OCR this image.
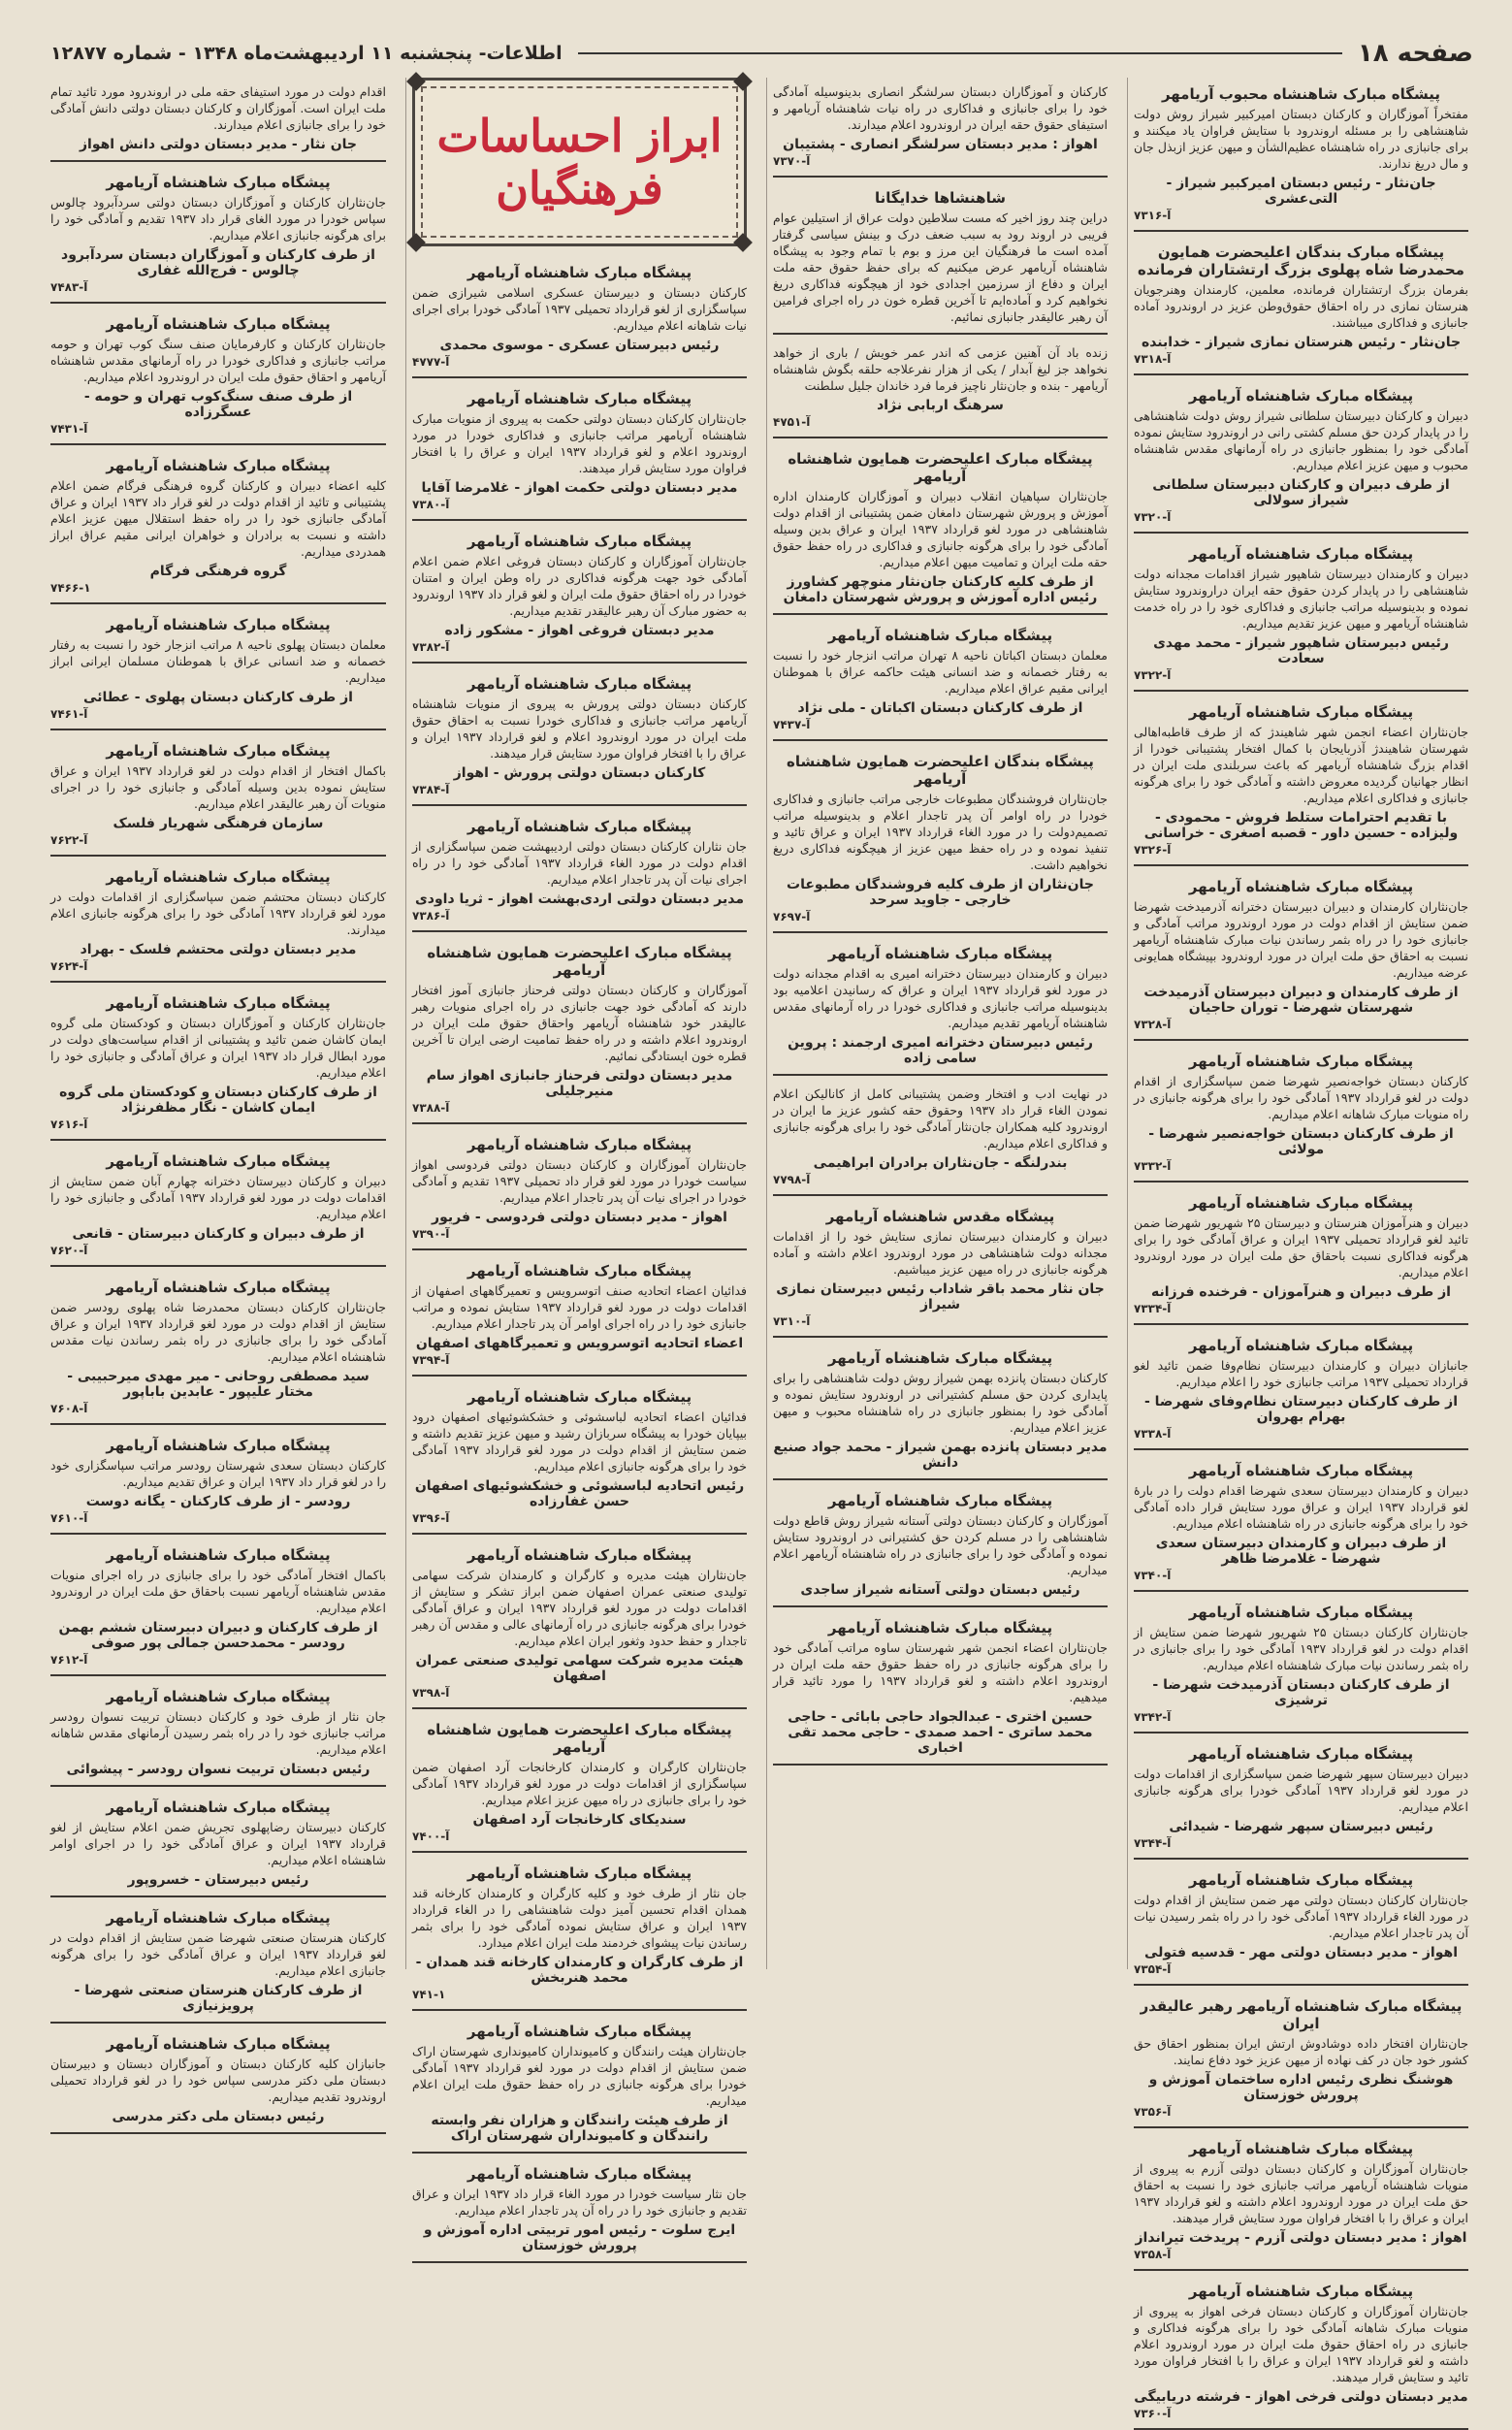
صفحه ۱۸
اطلاعات- پنجشنبه ۱۱ اردیبهشت‌ماه ۱۳۴۸ - شماره ۱۲۸۷۷
پیشگاه مبارک شاهنشاه محبوب آریامهر
مفتخراً آموزگاران و کارکنان دبستان امیرکبیر شیراز روش دولت شاهنشاهی را بر مسئله اروندرود با ستایش فراوان یاد میکنند و برای جانبازی در راه شاهنشاه عظیم‌الشأن و میهن عزیز ازبذل جان و مال دریغ ندارند.
جان‌نثار - رئیس دبستان امیرکبیر شیراز - التی‌عشری
۷۳۱۶-آ
پیشگاه مبارک بندگان اعلیحضرت همایون محمدرضا شاه پهلوی بزرگ ارتشتاران فرمانده
بفرمان بزرگ ارتشتاران فرمانده، معلمین، کارمندان وهنرجویان هنرستان نمازی در راه احقاق حقوق‌وطن عزیز در اروندرود آماده جانبازی و فداکاری میباشند.
جان‌نثار - رئیس هنرستان نمازی شیراز - خدابنده
۷۳۱۸-آ
پیشگاه مبارک شاهنشاه آریامهر
دبیران و کارکنان دبیرستان سلطانی شیراز روش دولت شاهنشاهی را در پایدار کردن حق مسلم کشتی رانی در اروندرود ستایش نموده آمادگی خود را بمنظور جانبازی در راه آرمانهای مقدس شاهنشاه محبوب و میهن عزیز اعلام میداریم.
از طرف دبیران و کارکنان دبیرستان سلطانی شیراز سولالی
۷۳۲۰-آ
پیشگاه مبارک شاهنشاه آریامهر
دبیران و کارمندان دبیرستان شاهپور شیراز اقدامات مجدانه دولت شاهنشاهی را در پایدار کردن حقوق حقه ایران دراروندرود ستایش نموده و بدینوسیله مراتب جانبازی و فداکاری خود را در راه خدمت شاهنشاه آریامهر و میهن عزیز تقدیم میداریم.
رئیس دبیرستان شاهپور شیراز - محمد مهدی سعادت
۷۳۲۲-آ
پیشگاه مبارک شاهنشاه آریامهر
جان‌نثاران اعضاء انجمن شهر شاهیندژ که از طرف قاطبه‌اهالی شهرستان شاهیندژ آذربایجان با کمال افتخار پشتیبانی خودرا از اقدام بزرگ شاهنشاه آریامهر که باعث سربلندی ملت ایران در انظار جهانیان گردیده معروض داشته و آمادگی خود را برای هرگونه جانبازی و فداکاری اعلام میداریم.
با تقدیم احترامات ستلط فروش - محمودی - ولیزاده - حسین داور - قصبه اصغری - خراسانی
۷۳۲۶-آ
پیشگاه مبارک شاهنشاه آریامهر
جان‌نثاران کارمندان و دبیران دبیرستان دخترانه آذرمیدخت شهرضا ضمن ستایش از اقدام دولت در مورد اروندرود مراتب آمادگی و جانبازی خود را در راه بثمر رساندن نیات مبارک شاهنشاه آریامهر نسبت به احقاق حق ملت ایران در مورد اروندرود بپیشگاه همایونی عرضه میداریم.
از طرف کارمندان و دبیران دبیرستان آذرمیدخت شهرستان شهرضا - توران حاجیان
۷۳۲۸-آ
پیشگاه مبارک شاهنشاه آریامهر
کارکنان دبستان خواجه‌نصیر شهرضا ضمن سپاسگزاری از اقدام دولت در لغو قرارداد ۱۹۳۷ آمادگی خود را برای هرگونه جانبازی در راه منویات مبارک شاهانه اعلام میداریم.
از طرف کارکنان دبستان خواجه‌نصیر شهرضا - مولائی
۷۳۳۲-آ
پیشگاه مبارک شاهنشاه آریامهر
دبیران و هنرآموزان هنرستان و دبیرستان ۲۵ شهریور شهرضا ضمن تائید لغو قرارداد تحمیلی ۱۹۳۷ ایران و عراق آمادگی خود را برای هرگونه فداکاری نسبت باحقاق حق ملت ایران در مورد اروندرود اعلام میداریم.
از طرف دبیران و هنرآموزان - فرخنده فرزانه
۷۳۳۴-آ
پیشگاه مبارک شاهنشاه آریامهر
جانبازان دبیران و کارمندان دبیرستان نظام‌وفا ضمن تائید لغو قرارداد تحمیلی ۱۹۳۷ مراتب جانبازی خود را اعلام میداریم.
از طرف کارکنان دبیرستان نظام‌وفای شهرضا - بهرام بهروان
۷۳۳۸-آ
پیشگاه مبارک شاهنشاه آریامهر
دبیران و کارمندان دبیرستان سعدی شهرضا اقدام دولت را در بارهٔ لغو قرارداد ۱۹۳۷ ایران و عراق مورد ستایش قرار داده آمادگی خود را برای هرگونه جانبازی در راه شاهنشاه اعلام میداریم.
از طرف دبیران و کارمندان دبیرستان سعدی شهرضا - غلامرضا ظاهر
۷۳۴۰-آ
پیشگاه مبارک شاهنشاه آریامهر
جان‌نثاران کارکنان دبستان ۲۵ شهریور شهرضا ضمن ستایش از اقدام دولت در لغو قرارداد ۱۹۳۷ آمادگی خود را برای جانبازی در راه بثمر رساندن نیات مبارک شاهنشاه اعلام میداریم.
از طرف کارکنان دبستان آذرمیدخت شهرضا - ترشیزی
۷۳۴۲-آ
پیشگاه مبارک شاهنشاه آریامهر
دبیران دبیرستان سپهر شهرضا ضمن سپاسگزاری از اقدامات دولت در مورد لغو قرارداد ۱۹۳۷ آمادگی خودرا برای هرگونه جانبازی اعلام میداریم.
رئیس دبیرستان سپهر شهرضا - شیدائی
۷۳۴۴-آ
پیشگاه مبارک شاهنشاه آریامهر
جان‌نثاران کارکنان دبستان دولتی مهر ضمن ستایش از اقدام دولت در مورد الغاء قرارداد ۱۹۳۷ آمادگی خود را در راه بثمر رسیدن نیات آن پدر تاجدار اعلام میداریم.
اهواز - مدیر دبستان دولتی مهر - قدسیه فتولی
۷۳۵۴-آ
پیشگاه مبارک شاهنشاه آریامهر رهبر عالیقدر ایران
جان‌نثاران افتخار داده دوشادوش ارتش ایران بمنظور احقاق حق کشور خود جان در کف نهاده از میهن عزیز خود دفاع نمایند.
هوشنگ نظری رئیس اداره ساختمان آموزش و پرورش خوزستان
۷۳۵۶-آ
پیشگاه مبارک شاهنشاه آریامهر
جان‌نثاران آموزگاران و کارکنان دبستان دولتی آزرم به پیروی از منویات شاهنشاه آریامهر مراتب جانبازی خود را نسبت به احقاق حق ملت ایران در مورد اروندرود اعلام داشته و لغو قرارداد ۱۹۳۷ ایران و عراق را با افتخار فراوان مورد ستایش قرار میدهند.
اهواز : مدیر دبستان دولتی آزرم - پریدخت تیرانداز
۷۳۵۸-آ
پیشگاه مبارک شاهنشاه آریامهر
جان‌نثاران آموزگاران و کارکنان دبستان فرخی اهواز به پیروی از منویات مبارک شاهانه آمادگی خود را برای هرگونه فداکاری و جانبازی در راه احقاق حقوق ملت ایران در مورد اروندرود اعلام داشته و لغو قرارداد ۱۹۳۷ ایران و عراق را با افتخار فراوان مورد تائید و ستایش قرار میدهند.
مدیر دبستان دولتی فرخی اهواز - فرشته دریابیگی
۷۳۶۰-آ
کارکنان و آموزگاران دبستان سرلشگر انصاری بدینوسیله آمادگی خود را برای جانبازی و فداکاری در راه نیات شاهنشاه آریامهر و استیفای حقوق حقه ایران در اروندرود اعلام میدارند.
اهواز : مدیر دبستان سرلشگر انصاری - پشتیبان
۷۳۷۰-آ
شاهنشاها خدایگانا
دراین چند روز اخیر که مست سلاطین دولت عراق از استیلین عوام فریبی در اروند رود به سبب ضعف درک و بینش سیاسی گرفتار آمده است ما فرهنگیان این مرز و بوم با تمام وجود به پیشگاه شاهنشاه آریامهر عرض میکنیم که برای حفظ حقوق حقه ملت ایران و دفاع از سرزمین اجدادی خود از هیچگونه فداکاری دریغ نخواهیم کرد و آماده‌ایم تا آخرین قطره خون در راه اجرای فرامین آن رهبر عالیقدر جانبازی نمائیم.
زنده باد آن آهنین عزمی که اندر عمر خویش / باری از خواهد نخواهد جز لیغ آبدار / یکی از هزار نفرعلاجه حلقه بگوش شاهنشاه آریامهر - بنده و جان‌نثار ناچیز فرما فرد خاندان جلیل سلطنت
سرهنگ اربابی نژاد
۴۷۵۱-آ
پیشگاه مبارک اعلیحضرت همایون شاهنشاه آریامهر
جان‌نثاران سپاهیان انقلاب دبیران و آموزگاران کارمندان اداره آموزش و پرورش شهرستان دامغان ضمن پشتیبانی از اقدام دولت شاهنشاهی در مورد لغو قرارداد ۱۹۳۷ ایران و عراق بدین وسیله آمادگی خود را برای هرگونه جانبازی و فداکاری در راه حفظ حقوق حقه ملت ایران و تمامیت میهن اعلام میداریم.
از طرف کلیه کارکنان جان‌نثار منوچهر کشاورز رئیس اداره آموزش و پرورش شهرستان دامغان
پیشگاه مبارک شاهنشاه آریامهر
معلمان دبستان اکباتان ناحیه ۸ تهران مراتب انزجار خود را نسبت به رفتار خصمانه و ضد انسانی هیئت حاکمه عراق با هموطنان ایرانی مقیم عراق اعلام میداریم.
از طرف کارکنان دبستان اکباتان - ملی نژاد
۷۴۳۷-آ
پیشگاه بندگان اعلیحضرت همایون شاهنشاه آریامهر
جان‌نثاران فروشندگان مطبوعات خارجی مراتب جانبازی و فداکاری خودرا در راه اوامر آن پدر تاجدار اعلام و بدینوسیله مراتب تصمیم‌دولت را در مورد الغاء قرارداد ۱۹۳۷ ایران و عراق تائید و تنفیذ نموده و در راه حفظ میهن عزیز از هیچگونه فداکاری دریغ نخواهیم داشت.
جان‌نثاران از طرف کلیه فروشندگان مطبوعات خارجی - جاوید سرحد
۷۶۹۷-آ
پیشگاه مبارک شاهنشاه آریامهر
دبیران و کارمندان دبیرستان دخترانه امیری به اقدام مجدانه دولت در مورد لغو قرارداد ۱۹۳۷ ایران و عراق که رسانیدن اعلامیه بود بدینوسیله مراتب جانبازی و فداکاری خودرا در راه آرمانهای مقدس شاهنشاه آریامهر تقدیم میداریم.
رئیس دبیرستان دخترانه امیری ارجمند : پروین سامی زاده
در نهایت ادب و افتخار وضمن پشتیبانی کامل از کانالیکن اعلام نمودن الغاء قرار داد ۱۹۳۷ وحقوق حقه کشور عزیز ما ایران در اروندرود کلیه همکاران جان‌نثار آمادگی خود را برای هرگونه جانبازی و فداکاری اعلام میداریم.
بندرلنگه - جان‌نثاران برادران ابراهیمی
۷۷۹۸-آ
پیشگاه مقدس شاهنشاه آریامهر
دبیران و کارمندان دبیرستان نمازی ستایش خود را از اقدامات مجدانه دولت شاهنشاهی در مورد اروندرود اعلام داشته و آماده هرگونه جانبازی در راه میهن عزیز میباشیم.
جان نثار محمد باقر شاداب رئیس دبیرستان نمازی شیراز
۷۳۱۰-آ
پیشگاه مبارک شاهنشاه آریامهر
کارکنان دبستان پانزده بهمن شیراز روش دولت شاهنشاهی را برای پایداری کردن حق مسلم کشتیرانی در اروندرود ستایش نموده و آمادگی خود را بمنظور جانبازی در راه شاهنشاه محبوب و میهن عزیز اعلام میداریم.
مدیر دبستان پانزده بهمن شیراز - محمد جواد صنیع دانش
پیشگاه مبارک شاهنشاه آریامهر
آموزگاران و کارکنان دبستان دولتی آستانه شیراز روش قاطع دولت شاهنشاهی را در مسلم کردن حق کشتیرانی در اروندرود ستایش نموده و آمادگی خود را برای جانبازی در راه شاهنشاه آریامهر اعلام میداریم.
رئیس دبستان دولتی آستانه شیراز ساجدی
پیشگاه مبارک شاهنشاه آریامهر
جان‌نثاران اعضاء انجمن شهر شهرستان ساوه مراتب آمادگی خود را برای هرگونه جانبازی در راه حفظ حقوق حقه ملت ایران در اروندرود اعلام داشته و لغو قرارداد ۱۹۳۷ را مورد تائید قرار میدهیم.
حسین اختری - عبدالجواد حاجی بابائی - حاجی محمد ساتری - احمد صمدی - حاجی محمد تقی اخباری
ابراز احساسات فرهنگیان
پیشگاه مبارک شاهنشاه آریامهر
کارکنان دبستان و دبیرستان عسکری اسلامی شیرازی ضمن سپاسگزاری از لغو قرارداد تحمیلی ۱۹۳۷ آمادگی خودرا برای اجرای نیات شاهانه اعلام میداریم.
رئیس دبیرستان عسکری - موسوی محمدی
۴۷۷۷-آ
پیشگاه مبارک شاهنشاه آریامهر
جان‌نثاران کارکنان دبستان دولتی حکمت به پیروی از منویات مبارک شاهنشاه آریامهر مراتب جانبازی و فداکاری خودرا در مورد اروندرود اعلام و لغو قرارداد ۱۹۳۷ ایران و عراق را با افتخار فراوان مورد ستایش قرار میدهند.
مدیر دبستان دولتی حکمت اهواز - غلامرضا آقایا
۷۳۸۰-آ
پیشگاه مبارک شاهنشاه آریامهر
جان‌نثاران آموزگاران و کارکنان دبستان فروغی اعلام ضمن اعلام آمادگی خود جهت هرگونه فداکاری در راه وطن ایران و امتنان خودرا در راه احقاق حقوق ملت ایران و لغو قرار داد ۱۹۳۷ اروندرود به حضور مبارک آن رهبر عالیقدر تقدیم میداریم.
مدیر دبستان فروغی اهواز - مشکور زاده
۷۳۸۲-آ
پیشگاه مبارک شاهنشاه آریامهر
کارکنان دبستان دولتی پرورش به پیروی از منویات شاهنشاه آریامهر مراتب جانبازی و فداکاری خودرا نسبت به احقاق حقوق ملت ایران در مورد اروندرود اعلام و لغو قرارداد ۱۹۳۷ ایران و عراق را با افتخار فراوان مورد ستایش قرار میدهند.
کارکنان دبستان دولتی پرورش - اهواز
۷۳۸۴-آ
پیشگاه مبارک شاهنشاه آریامهر
جان نثاران کارکنان دبستان دولتی اردیبهشت ضمن سپاسگزاری از اقدام دولت در مورد الغاء قرارداد ۱۹۳۷ آمادگی خود را در راه اجرای نیات آن پدر تاجدار اعلام میداریم.
مدیر دبستان دولتی اردی‌بهشت اهواز - ثریا داودی
۷۳۸۶-آ
پیشگاه مبارک اعلیحضرت همایون شاهنشاه آریامهر
آموزگاران و کارکنان دبستان دولتی فرحناز جانبازی آموز افتخار دارند که آمادگی خود جهت جانبازی در راه اجرای منویات رهبر عالیقدر خود شاهنشاه آریامهر واحقاق حقوق ملت ایران در اروندرود اعلام داشته و در راه حفظ تمامیت ارضی ایران تا آخرین قطره خون ایستادگی نمائیم.
مدیر دبستان دولتی فرحناز جانبازی اهواز سام منیرجلیلی
۷۳۸۸-آ
پیشگاه مبارک شاهنشاه آریامهر
جان‌نثاران آموزگاران و کارکنان دبستان دولتی فردوسی اهواز سیاست خودرا در مورد لغو قرار داد تحمیلی ۱۹۳۷ تقدیم و آمادگی خودرا در اجرای نیات آن پدر تاجدار اعلام میداریم.
اهواز - مدیر دبستان دولتی فردوسی - فریور
۷۳۹۰-آ
پیشگاه مبارک شاهنشاه آریامهر
فدائیان اعضاء اتحادیه صنف اتوسرویس و تعمیرگاههای اصفهان از اقدامات دولت در مورد لغو قرارداد ۱۹۳۷ ستایش نموده و مراتب جانبازی خود را در راه اجرای اوامر آن پدر تاجدار اعلام میداریم.
اعضاء اتحادیه اتوسرویس و تعمیرگاههای اصفهان
۷۳۹۴-آ
پیشگاه مبارک شاهنشاه آریامهر
فدائیان اعضاء اتحادیه لباسشوئی و خشکشوئیهای اصفهان درود بیپایان خودرا به پیشگاه سربازان رشید و میهن عزیز تقدیم داشته و ضمن ستایش از اقدام دولت در مورد لغو قرارداد ۱۹۳۷ آمادگی خود را برای هرگونه جانبازی اعلام میداریم.
رئیس اتحادیه لباسشوئی و خشکشوئیهای اصفهان حسن غفارزاده
۷۳۹۶-آ
پیشگاه مبارک شاهنشاه آریامهر
جان‌نثاران هیئت مدیره و کارگران و کارمندان شرکت سهامی تولیدی صنعتی عمران اصفهان ضمن ابراز تشکر و ستایش از اقدامات دولت در مورد لغو قرارداد ۱۹۳۷ ایران و عراق آمادگی خودرا برای هرگونه جانبازی در راه آرمانهای عالی و مقدس آن رهبر تاجدار و حفظ حدود وثغور ایران اعلام میداریم.
هیئت مدیره شرکت سهامی تولیدی صنعتی عمران اصفهان
۷۳۹۸-آ
پیشگاه مبارک اعلیحضرت همایون شاهنشاه آریامهر
جان‌نثاران کارگران و کارمندان کارخانجات آرد اصفهان ضمن سپاسگزاری از اقدامات دولت در مورد لغو قرارداد ۱۹۳۷ آمادگی خود را برای جانبازی در راه میهن عزیز اعلام میداریم.
سندیکای کارخانجات آرد اصفهان
۷۴۰۰-آ
پیشگاه مبارک شاهنشاه آریامهر
جان نثار از طرف خود و کلیه کارگران و کارمندان کارخانه قند همدان اقدام تحسین آمیز دولت شاهنشاهی را در الغاء قرارداد ۱۹۳۷ ایران و عراق ستایش نموده آمادگی خود را برای بثمر رساندن نیات پیشوای خردمند ملت ایران اعلام میدارد.
از طرف کارگران و کارمندان کارخانه قند همدان - محمد هنربخش
۷۴۱-۱
پیشگاه مبارک شاهنشاه آریامهر
جان‌نثاران هیئت رانندگان و کامیونداران کامیونداری شهرستان اراک ضمن ستایش از اقدام دولت در مورد لغو قرارداد ۱۹۳۷ آمادگی خودرا برای هرگونه جانبازی در راه حفظ حقوق ملت ایران اعلام میداریم.
از طرف هیئت رانندگان و هزاران نفر وابسته رانندگان و کامیونداران شهرستان اراک
پیشگاه مبارک شاهنشاه آریامهر
جان نثار سیاست خودرا در مورد الغاء قرار داد ۱۹۳۷ ایران و عراق تقدیم و جانبازی خود را در راه آن پدر تاجدار اعلام میداریم.
ایرج سلوت - رئیس امور تربیتی اداره آموزش و پرورش خوزستان
اقدام دولت در مورد استیفای حقه ملی در اروندرود مورد تائید تمام ملت ایران است. آموزگاران و کارکنان دبستان دولتی دانش آمادگی خود را برای جانبازی اعلام میدارند.
جان نثار - مدیر دبستان دولتی دانش اهواز
پیشگاه مبارک شاهنشاه آریامهر
جان‌نثاران کارکنان و آموزگاران دبستان دولتی سردآبرود چالوس سپاس خودرا در مورد الغای قرار داد ۱۹۳۷ تقدیم و آمادگی خود را برای هرگونه جانبازی اعلام میداریم.
از طرف کارکنان و آموزگاران دبستان سردآبرود چالوس - فرج‌الله غفاری
۷۴۸۳-آ
پیشگاه مبارک شاهنشاه آریامهر
جان‌نثاران کارکنان و کارفرمایان صنف سنگ کوب تهران و حومه مراتب جانبازی و فداکاری خودرا در راه آرمانهای مقدس شاهنشاه آریامهر و احقاق حقوق ملت ایران در اروندرود اعلام میداریم.
از طرف صنف سنگ‌کوب تهران و حومه - عسگرزاده
۷۴۳۱-آ
پیشگاه مبارک شاهنشاه آریامهر
کلیه اعضاء دبیران و کارکنان گروه فرهنگی فرگام ضمن اعلام پشتیبانی و تائید از اقدام دولت در لغو قرار داد ۱۹۳۷ ایران و عراق آمادگی جانبازی خود را در راه حفظ استقلال میهن عزیز اعلام داشته و نسبت به برادران و خواهران ایرانی مقیم عراق ابراز همدردی میداریم.
گروه فرهنگی فرگام
۷۴۶۶-۱
پیشگاه مبارک شاهنشاه آریامهر
معلمان دبستان پهلوی ناحیه ۸ مراتب انزجار خود را نسبت به رفتار خصمانه و ضد انسانی عراق با هموطنان مسلمان ایرانی ابراز میداریم.
از طرف کارکنان دبستان پهلوی - عطائی
۷۴۶۱-آ
پیشگاه مبارک شاهنشاه آریامهر
باکمال افتخار از اقدام دولت در لغو قرارداد ۱۹۳۷ ایران و عراق ستایش نموده بدین وسیله آمادگی و جانبازی خود را در اجرای منویات آن رهبر عالیقدر اعلام میداریم.
سازمان فرهنگی شهریار فلسک
۷۶۲۲-آ
پیشگاه مبارک شاهنشاه آریامهر
کارکنان دبستان محتشم ضمن سپاسگزاری از اقدامات دولت در مورد لغو قرارداد ۱۹۳۷ آمادگی خود را برای هرگونه جانبازی اعلام میدارند.
مدیر دبستان دولتی محتشم فلسک - بهراد
۷۶۲۴-آ
پیشگاه مبارک شاهنشاه آریامهر
جان‌نثاران کارکنان و آموزگاران دبستان و کودکستان ملی گروه ایمان کاشان ضمن تائید و پشتیبانی از اقدام سیاست‌های دولت در مورد ابطال قرار داد ۱۹۳۷ ایران و عراق آمادگی و جانبازی خود را اعلام میداریم.
از طرف کارکنان دبستان و کودکستان ملی گروه ایمان کاشان - نگار مظفرنژاد
۷۶۱۶-آ
پیشگاه مبارک شاهنشاه آریامهر
دبیران و کارکنان دبیرستان دخترانه چهارم آبان ضمن ستایش از اقدامات دولت در مورد لغو قرارداد ۱۹۳۷ آمادگی و جانبازی خود را اعلام میداریم.
از طرف دبیران و کارکنان دبیرستان - قانعی
۷۶۲۰-آ
پیشگاه مبارک شاهنشاه آریامهر
جان‌نثاران کارکنان دبستان محمدرضا شاه پهلوی رودسر ضمن ستایش از اقدام دولت در مورد لغو قرارداد ۱۹۳۷ ایران و عراق آمادگی خود را برای جانبازی در راه بثمر رساندن نیات مقدس شاهنشاه اعلام میداریم.
سید مصطفی روحانی - میر مهدی میرحبیبی - مختار علیپور - عابدین باباپور
۷۶۰۸-آ
پیشگاه مبارک شاهنشاه آریامهر
کارکنان دبستان سعدی شهرستان رودسر مراتب سپاسگزاری خود را در لغو قرار داد ۱۹۳۷ ایران و عراق تقدیم میداریم.
رودسر - از طرف کارکنان - یگانه دوست
۷۶۱۰-آ
پیشگاه مبارک شاهنشاه آریامهر
باکمال افتخار آمادگی خود را برای جانبازی در راه اجرای منویات مقدس شاهنشاه آریامهر نسبت باحقاق حق ملت ایران در اروندرود اعلام میداریم.
از طرف کارکنان و دبیران دبیرستان ششم بهمن رودسر - محمدحسن جمالی پور صوفی
۷۶۱۲-آ
پیشگاه مبارک شاهنشاه آریامهر
جان نثار از طرف خود و کارکنان دبستان تربیت نسوان رودسر مراتب جانبازی خود را در راه بثمر رسیدن آرمانهای مقدس شاهانه اعلام میداریم.
رئیس دبستان تربیت نسوان رودسر - پیشوائی
پیشگاه مبارک شاهنشاه آریامهر
کارکنان دبیرستان رضاپهلوی تجریش ضمن اعلام ستایش از لغو قرارداد ۱۹۳۷ ایران و عراق آمادگی خود را در اجرای اوامر شاهنشاه اعلام میداریم.
رئیس دبیرستان - خسروپور
پیشگاه مبارک شاهنشاه آریامهر
کارکنان هنرستان صنعتی شهرضا ضمن ستایش از اقدام دولت در لغو قرارداد ۱۹۳۷ ایران و عراق آمادگی خود را برای هرگونه جانبازی اعلام میداریم.
از طرف کارکنان هنرستان صنعتی شهرضا - پرویزنیازی
پیشگاه مبارک شاهنشاه آریامهر
جانبازان کلیه کارکنان دبستان و آموزگاران دبستان و دبیرستان دبستان ملی دکتر مدرسی سپاس خود را در لغو قرارداد تحمیلی اروندرود تقدیم میداریم.
رئیس دبستان ملی دکتر مدرسی
